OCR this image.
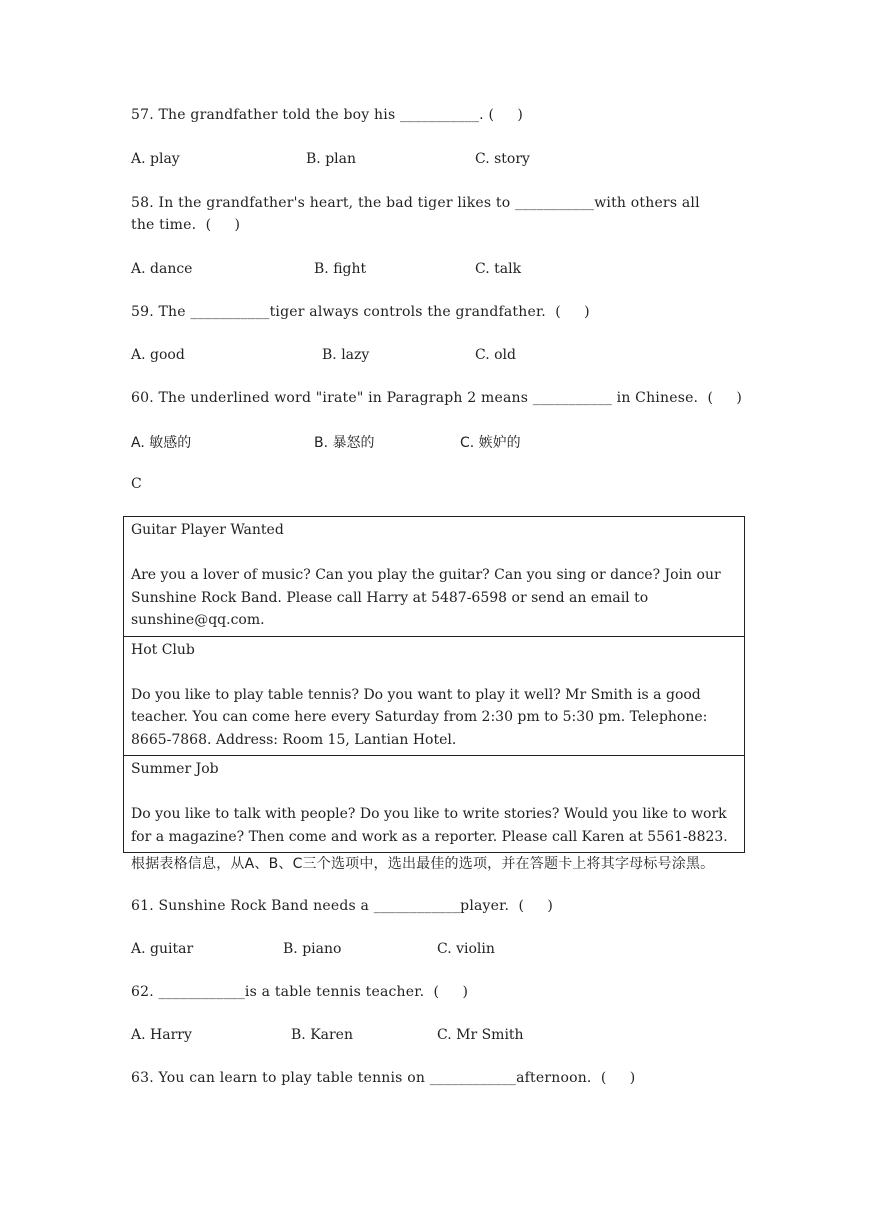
57. The grandfather told the boy his ___________. (     )
A. play	B. plan	C. story
58. In the grandfather's heart, the bad tiger likes to ___________with others all
the time.  (     )
A. dance	B. fight	C. talk
59. The ___________tiger always controls the grandfather.  (     )
A. good	B. lazy	C. old
60. The underlined word "irate" in Paragraph 2 means ___________ in Chinese.  (     )
A. 敏感的	B. 暴怒的	C. 嫉妒的
C
Guitar Player Wanted
Are you a lover of music? Can you play the guitar? Can you sing or dance? Join our Sunshine Rock Band. Please call Harry at 5487-6598 or send an email to sunshine@qq.com.
Hot Club
Do you like to play table tennis? Do you want to play it well? Mr Smith is a good teacher. You can come here every Saturday from 2:30 pm to 5:30 pm. Telephone: 8665-7868. Address: Room 15, Lantian Hotel.
Summer Job
Do you like to talk with people? Do you like to write stories? Would you like to work for a magazine? Then come and work as a reporter. Please call Karen at 5561-8823.
根据表格信息，从A、B、C三个选项中，选出最佳的选项，并在答题卡上将其字母标号涂黑。
61. Sunshine Rock Band needs a ____________player.  (     )
A. guitar	B. piano	C. violin
62. ____________is a table tennis teacher.  (     )
A. Harry	B. Karen	C. Mr Smith
63. You can learn to play table tennis on ____________afternoon.  (     )
